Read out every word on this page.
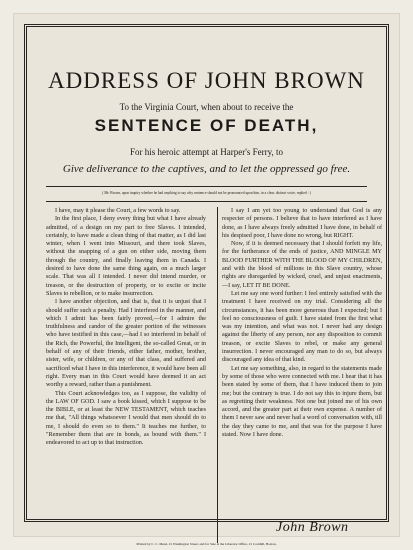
ADDRESS OF JOHN BROWN
To the Virginia Court, when about to receive the
SENTENCE OF DEATH,
For his heroic attempt at Harper's Ferry, to
Give deliverance to the captives, and to let the oppressed go free.
( Mr. Brown, upon inquiry whether he had anything to say why sentence should not be pronounced upon him, in a clear, distinct voice, replied : )

I have, may it please the Court, a few words to say.

In the first place, I deny every thing but what I have already admitted, of a design on my part to free Slaves. I intended, certainly, to have made a clean thing of that matter, as I did last winter, when I went into Missouri, and there took Slaves, without the snapping of a gun on either side, moving them through the country, and finally leaving them in Canada. I desired to have done the same thing again, on a much larger scale. That was all I intended. I never did intend murder, or treason, or the destruction of property, or to excite or incite Slaves to rebellion, or to make insurrection.

I have another objection, and that is, that it is unjust that I should suffer such a penalty. Had I interfered in the manner, and which I admit has been fairly proved,—for I admire the truthfulness and candor of the greater portion of the witnesses who have testified in this case,—had I so interfered in behalf of the Rich, the Powerful, the Intelligent, the so-called Great, or in behalf of any of their friends, either father, mother, brother, sister, wife, or children, or any of that class, and suffered and sacrificed what I have in this interference, it would have been all right. Every man in this Court would have deemed it an act worthy a reward, rather than a punishment.

This Court acknowledges too, as I suppose, the validity of the LAW OF GOD. I saw a book kissed, which I suppose to be the BIBLE, or at least the NEW TESTAMENT, which teaches me that, "All things whatsoever I would that men should do to me, I should do even so to them." It teaches me further, to "Remember them that are in bonds, as bound with them." I endeavored to act up to that instruction.

I say I am yet too young to understand that God is any respecter of persons. I believe that to have interfered as I have done, as I have always freely admitted I have done, in behalf of his despised poor, I have done no wrong, but RIGHT.

Now, if it is deemed necessary that I should forfeit my life, for the furtherance of the ends of justice, AND MINGLE MY BLOOD FURTHER WITH THE BLOOD OF MY CHILDREN, and with the blood of millions in this Slave country, whose rights are disregarded by wicked, cruel, and unjust enactments,—I say, LET IT BE DONE.

Let me say one word further: I feel entirely satisfied with the treatment I have received on my trial. Considering all the circumstances, it has been more generous than I expected; but I feel no consciousness of guilt. I have stated from the first what was my intention, and what was not. I never had any design against the liberty of any person, nor any disposition to commit treason, or excite Slaves to rebel, or make any general insurrection. I never encouraged any man to do so, but always discouraged any idea of that kind.

Let me say something, also, in regard to the statements made by some of those who were connected with me. I hear that it has been stated by some of them, that I have induced them to join me; but the contrary is true. I do not say this to injure them, but as regretting their weakness. Not one but joined me of his own accord, and the greater part at their own expense. A number of them I never saw and never had a word of conversation with, till the day they came to me, and that was for the purpose I have stated. Now I have done.

John Brown
Printed by C. C. Mead, 21 Washington Street, and for Sale at the Liberator Office, 21 Cornhill, Boston.
